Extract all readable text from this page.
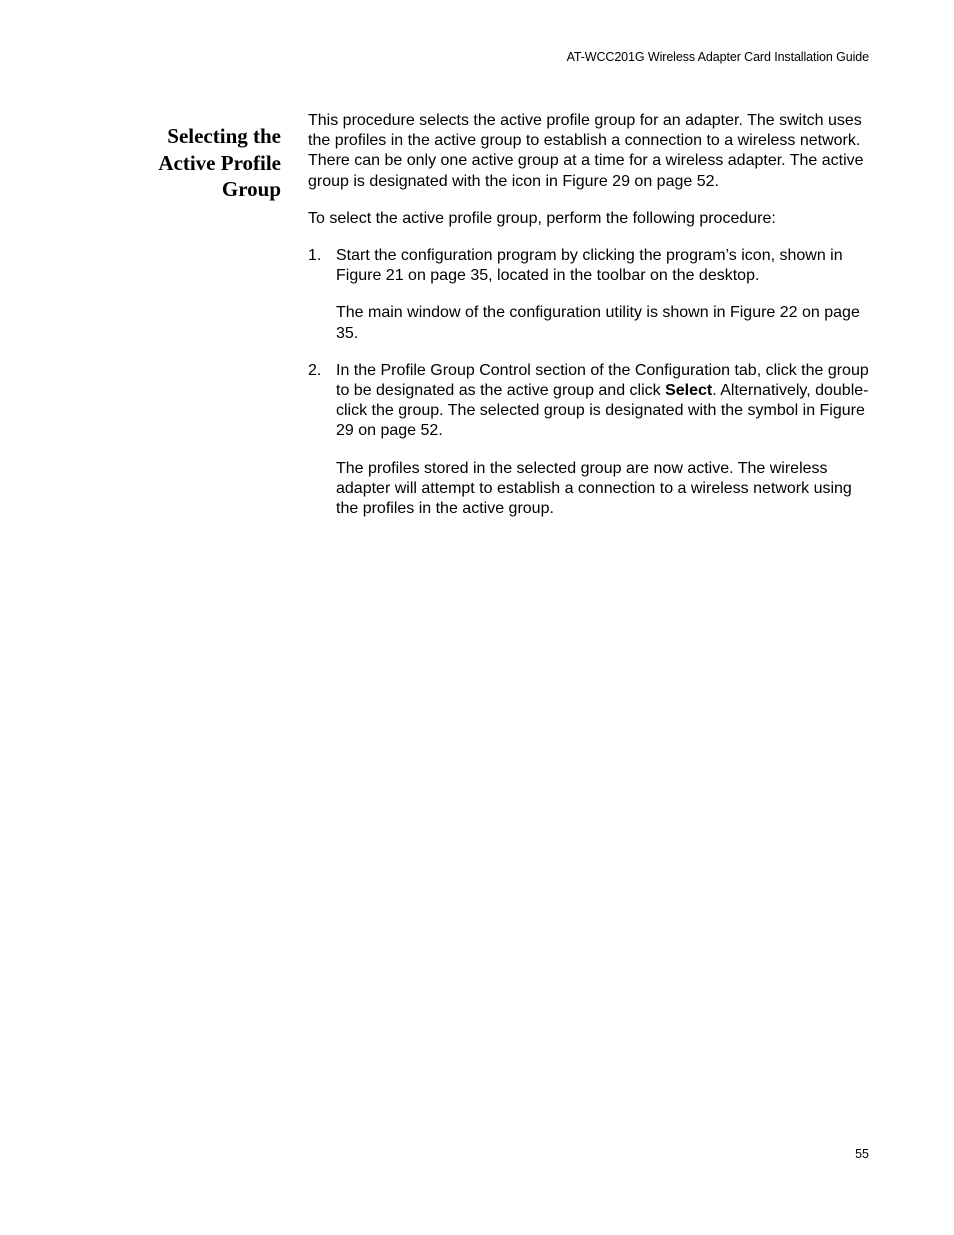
AT-WCC201G Wireless Adapter Card Installation Guide
Selecting the
Active Profile
Group

This procedure selects the active profile group for an adapter. The switch uses the profiles in the active group to establish a connection to a wireless network. There can be only one active group at a time for a wireless adapter. The active group is designated with the icon in Figure 29 on page 52.

To select the active profile group, perform the following procedure:

1. Start the configuration program by clicking the program’s icon, shown in Figure 21 on page 35, located in the toolbar on the desktop.

The main window of the configuration utility is shown in Figure 22 on page 35.

2. In the Profile Group Control section of the Configuration tab, click the group to be designated as the active group and click Select. Alternatively, double-click the group. The selected group is designated with the symbol in Figure 29 on page 52.

The profiles stored in the selected group are now active. The wireless adapter will attempt to establish a connection to a wireless network using the profiles in the active group.

55
